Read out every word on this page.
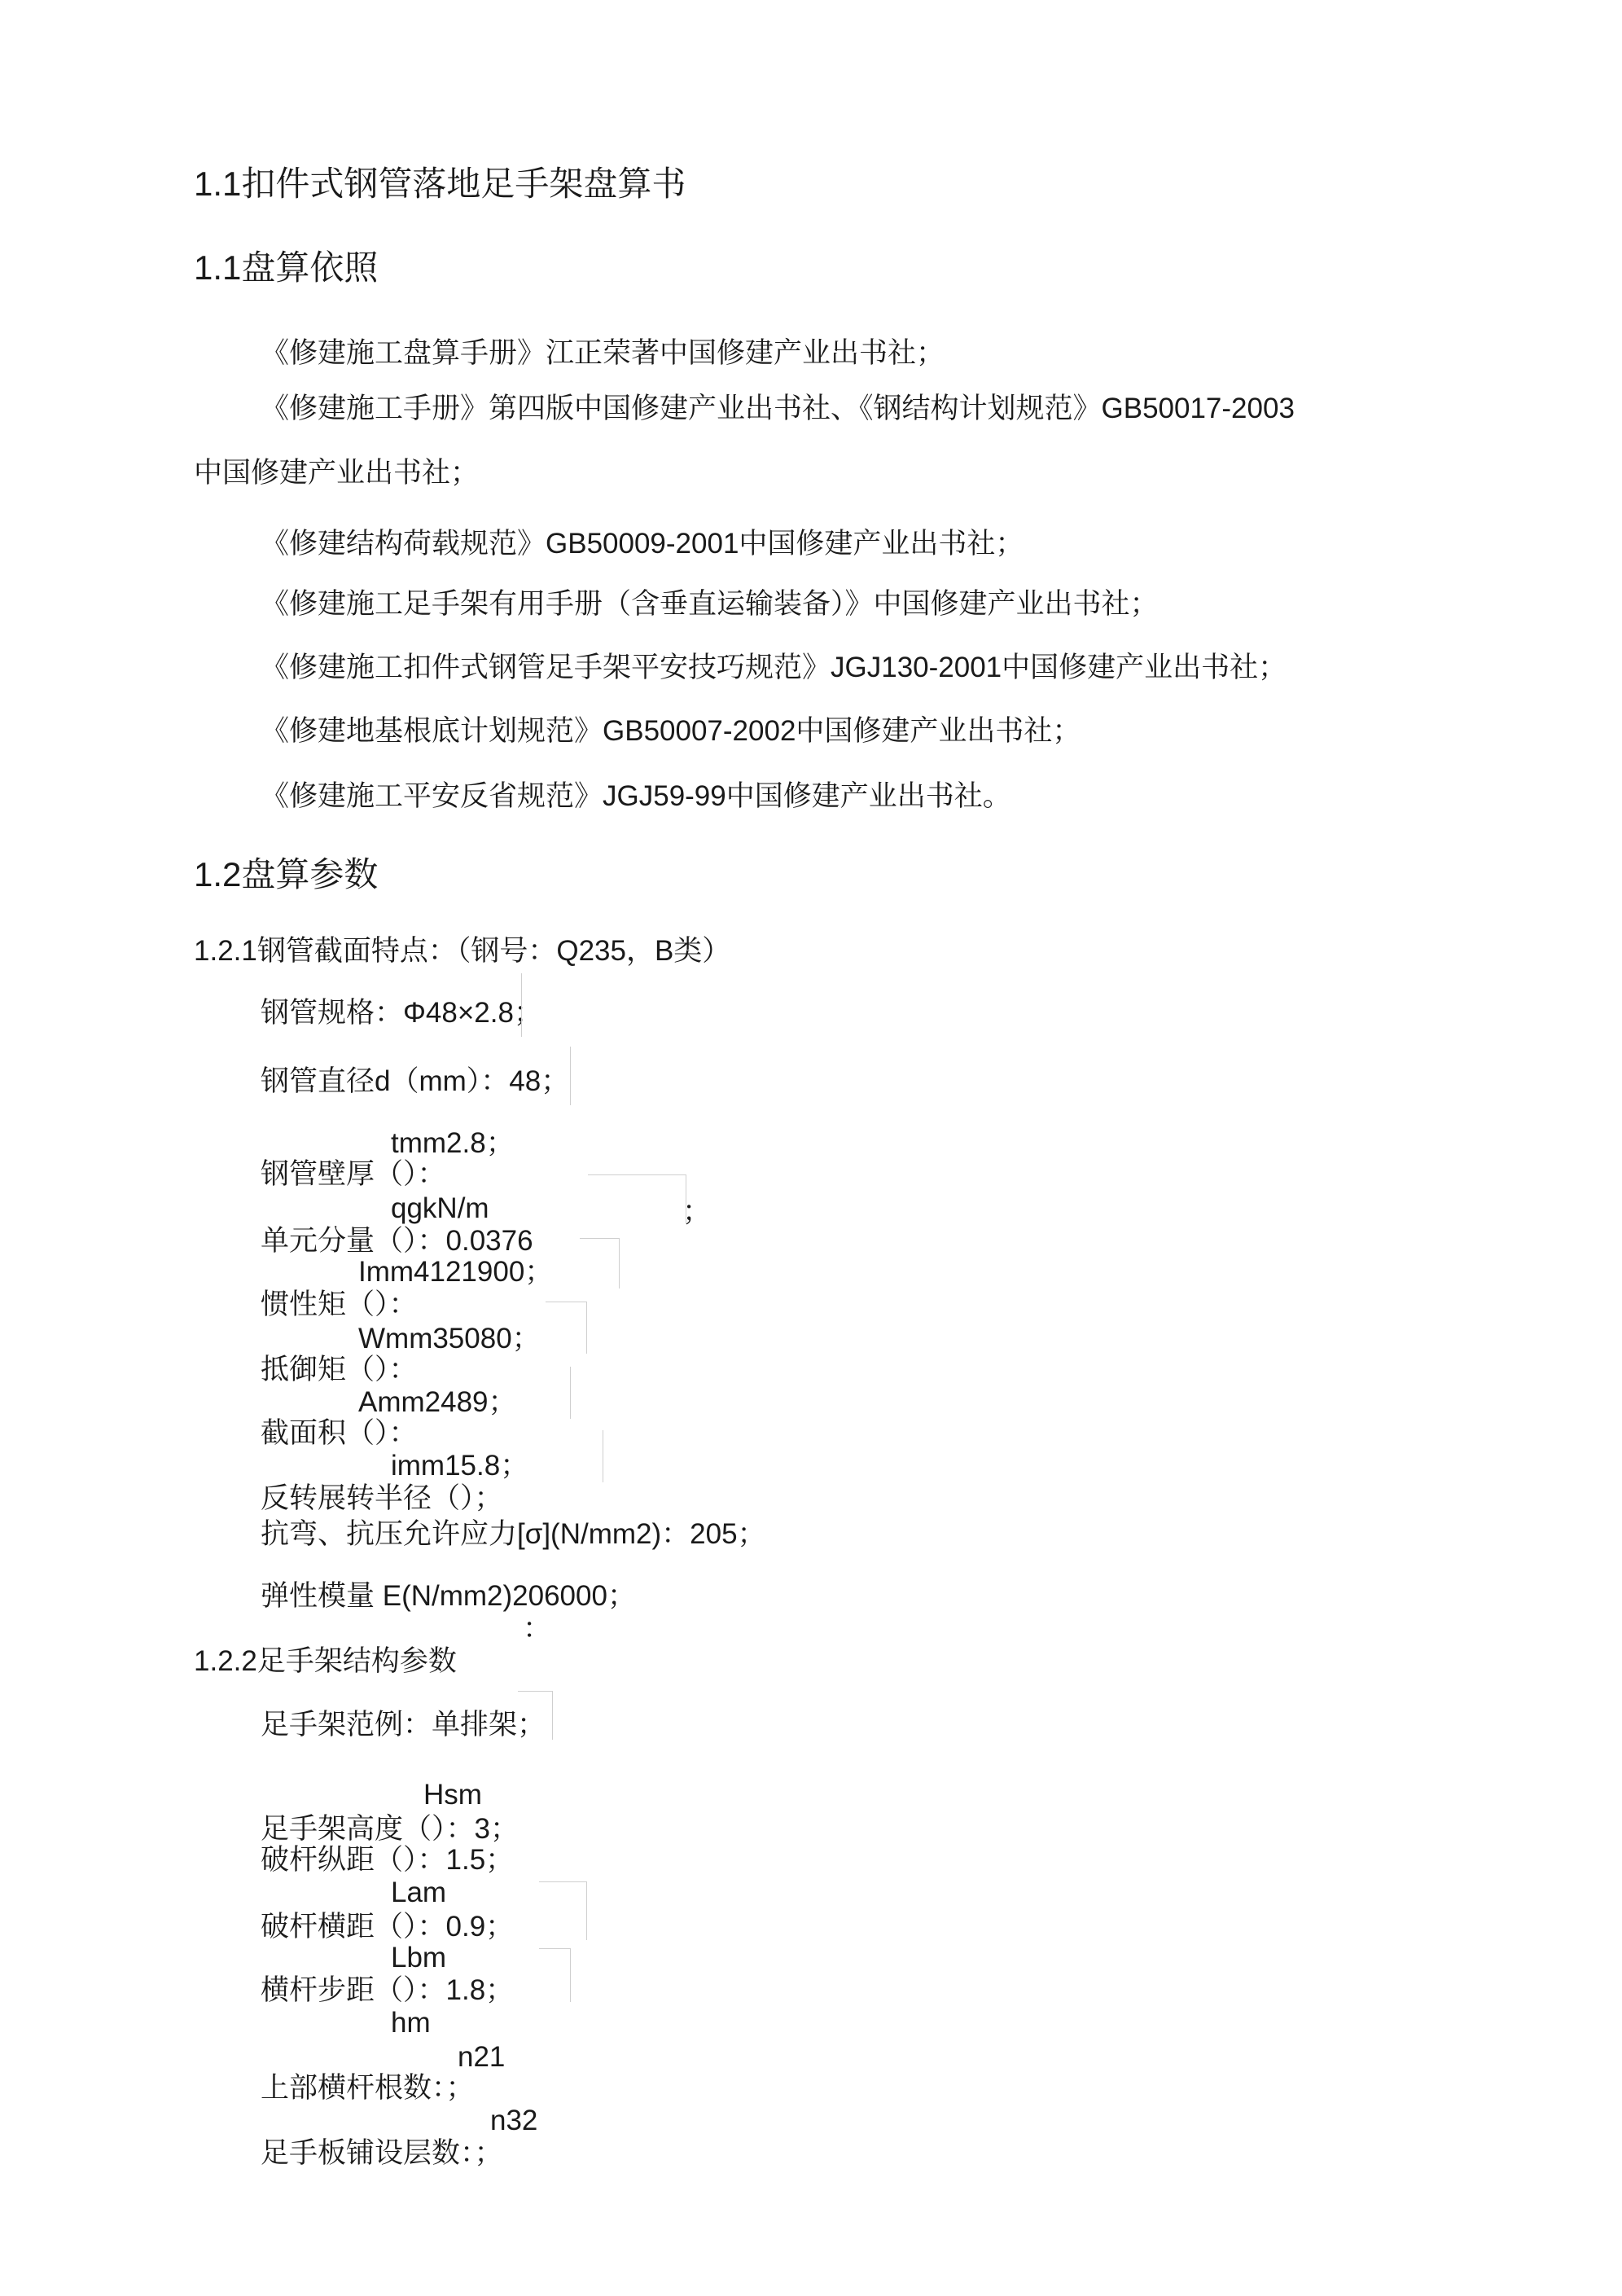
1.1扣件式钢管落地足手架盘算书
1.1盘算依照
《修建施工盘算手册》江正荣著中国修建产业出书社；
《修建施工手册》第四版中国修建产业出书社、《钢结构计划规范》GB50017-2003
中国修建产业出书社；
《修建结构荷载规范》GB50009-2001中国修建产业出书社；
《修建施工足手架有用手册（含垂直运输装备）》中国修建产业出书社；
《修建施工扣件式钢管足手架平安技巧规范》JGJ130-2001中国修建产业出书社；
《修建地基根底计划规范》GB50007-2002中国修建产业出书社；
《修建施工平安反省规范》JGJ59-99中国修建产业出书社。
1.2盘算参数
1.2.1钢管截面特点：（钢号：Q235，B类）
钢管规格：Φ48×2.8；
钢管直径d（mm）：48；
tmm2.8；
钢管壁厚（）：
qgkN/m	；
单元分量（）：0.0376
Imm4121900；
惯性矩（）：
Wmm35080；
抵御矩（）：
Amm2489；
截面积（）：
imm15.8；
反转展转半径（）；
抗弯、抗压允许应力[σ](N/mm2)：205；
弹性模量 E(N/mm2)206000；
：
1.2.2足手架结构参数
足手架范例：单排架；
Hsm
足手架高度（）：3；
破杆纵距（）：1.5；
Lam
破杆横距（）：0.9；
Lbm
横杆步距（）：1.8；
hm
n21
上部横杆根数：；
n32
足手板铺设层数：；
